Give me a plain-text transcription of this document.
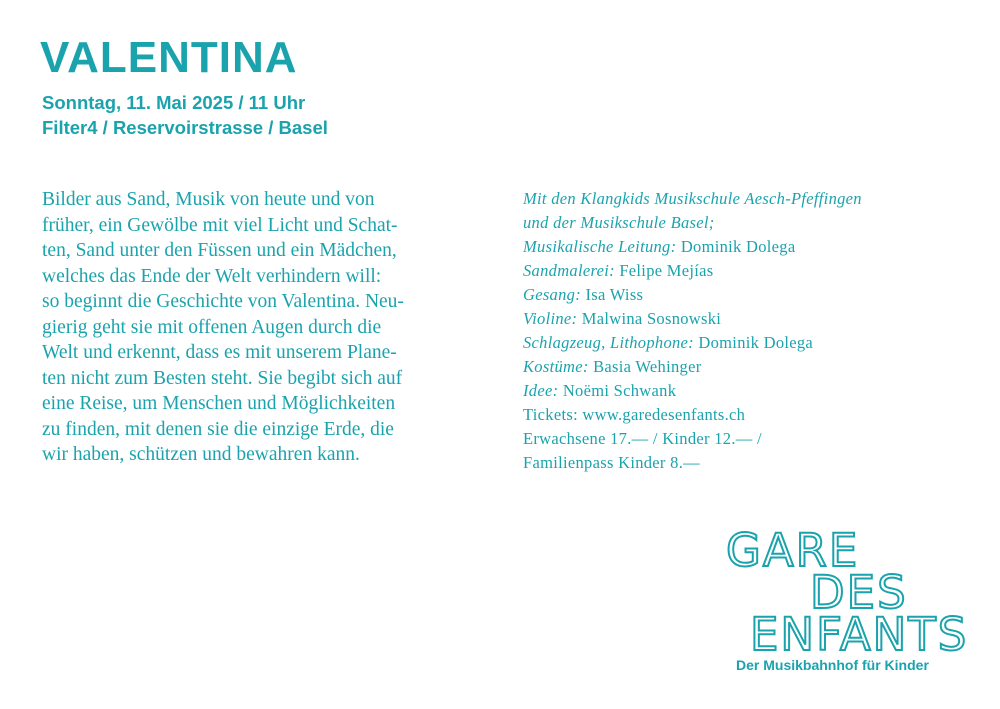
VALENTINA
Sonntag, 11. Mai 2025 / 11 Uhr
Filter4 / Reservoirstrasse / Basel
Bilder aus Sand, Musik von heute und von
früher, ein Gewölbe mit viel Licht und Schat-
ten, Sand unter den Füssen und ein Mädchen,
welches das Ende der Welt verhindern will:
so beginnt die Geschichte von Valentina. Neu-
gierig geht sie mit offenen Augen durch die
Welt und erkennt, dass es mit unserem Plane-
ten nicht zum Besten steht. Sie begibt sich auf
eine Reise, um Menschen und Möglichkeiten
zu finden, mit denen sie die einzige Erde, die
wir haben, schützen und bewahren kann.
Mit den Klangkids Musikschule Aesch-Pfeffingen
und der Musikschule Basel;
Musikalische Leitung: Dominik Dolega
Sandmalerei: Felipe Mejías
Gesang: Isa Wiss
Violine: Malwina Sosnowski
Schlagzeug, Lithophone: Dominik Dolega
Kostüme: Basia Wehinger
Idee: Noëmi Schwank
Tickets: www.garedesenfants.ch
Erwachsene 17.— / Kinder 12.— /
Familienpass Kinder 8.—
GARE
DES
ENFANTS
Der Musikbahnhof für Kinder
